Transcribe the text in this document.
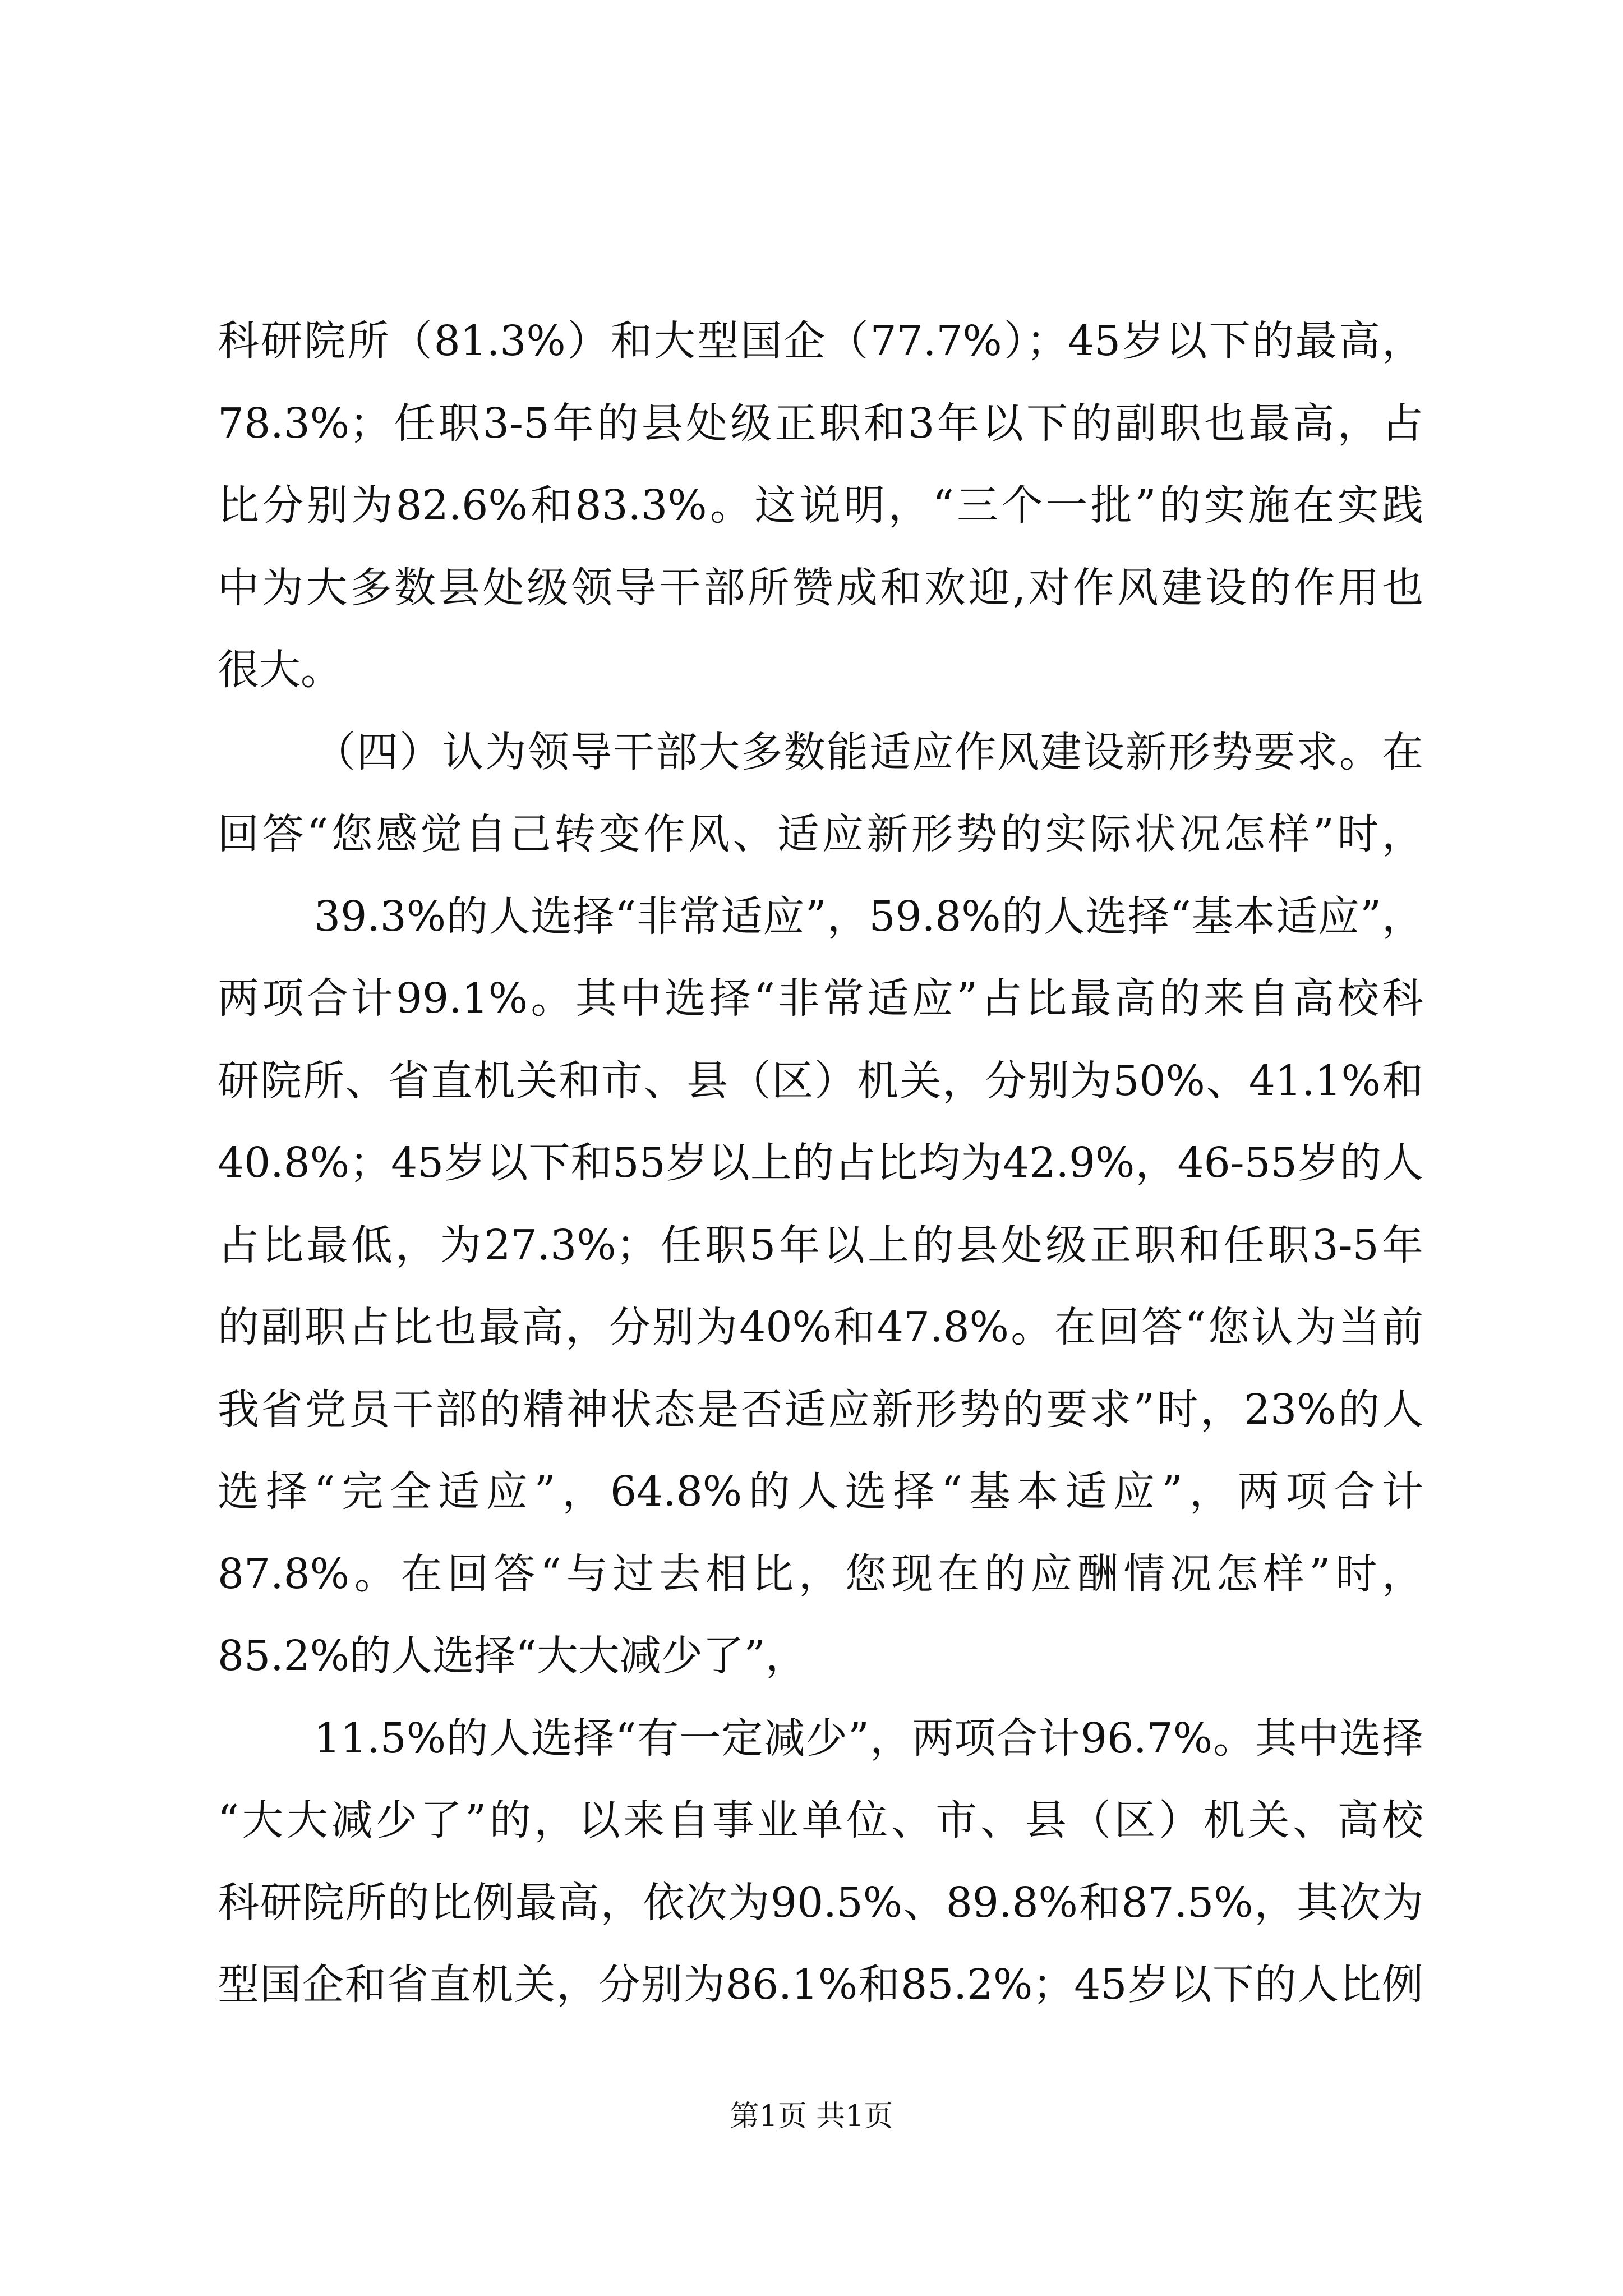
科研院所（81.3%）和大型国企（77.7%）；45岁以下的最高，
78.3%；任职3-5年的县处级正职和3年以下的副职也最高，占
比分别为82.6%和83.3%。这说明，“三个一批”的实施在实践
中为大多数县处级领导干部所赞成和欢迎,对作风建设的作用也
很大。
（四）认为领导干部大多数能适应作风建设新形势要求。在
回答“您感觉自己转变作风、适应新形势的实际状况怎样”时，
39.3%的人选择“非常适应”，59.8%的人选择“基本适应”，
两项合计99.1%。其中选择“非常适应”占比最高的来自高校科
研院所、省直机关和市、县（区）机关，分别为50%、41.1%和
40.8%；45岁以下和55岁以上的占比均为42.9%，46-55岁的人
占比最低，为27.3%；任职5年以上的县处级正职和任职3-5年
的副职占比也最高，分别为40%和47.8%。在回答“您认为当前
我省党员干部的精神状态是否适应新形势的要求”时，23%的人
选择“完全适应”，64.8%的人选择“基本适应”，两项合计
87.8%。在回答“与过去相比，您现在的应酬情况怎样”时，
85.2%的人选择“大大减少了”，
11.5%的人选择“有一定减少”，两项合计96.7%。其中选择
“大大减少了”的，以来自事业单位、市、县（区）机关、高校
科研院所的比例最高，依次为90.5%、89.8%和87.5%，其次为
型国企和省直机关，分别为86.1%和85.2%；45岁以下的人比例
第1页 共1页
